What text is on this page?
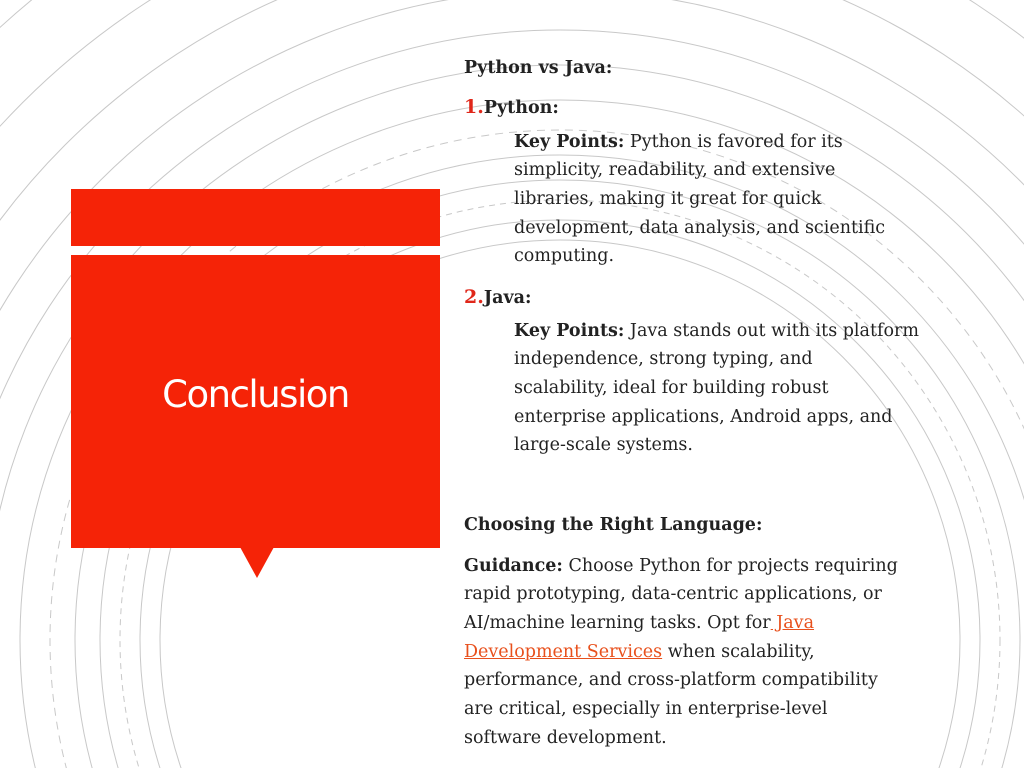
Conclusion
Python vs Java:
1.Python:
Key Points: Python is favored for its
simplicity, readability, and extensive
libraries, making it great for quick
development, data analysis, and scientific
computing.
2.Java:
Key Points: Java stands out with its platform
independence, strong typing, and
scalability, ideal for building robust
enterprise applications, Android apps, and
large-scale systems.
Choosing the Right Language:
Guidance: Choose Python for projects requiring
rapid prototyping, data-centric applications, or
AI/machine learning tasks. Opt for Java
Development Services when scalability,
performance, and cross-platform compatibility
are critical, especially in enterprise-level
software development.
